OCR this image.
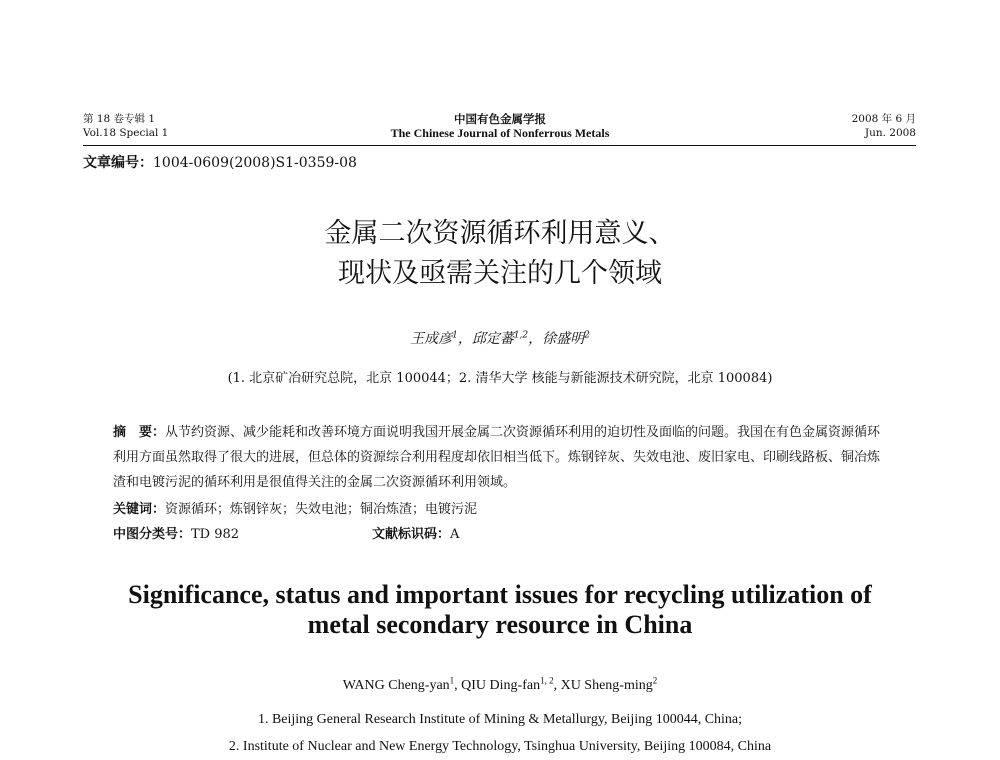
第 18 卷专辑 1
Vol.18 Special 1
中国有色金属学报
The Chinese Journal of Nonferrous Metals
2008 年 6 月
Jun. 2008
文章编号：1004-0609(2008)S1-0359-08
金属二次资源循环利用意义、
现状及亟需关注的几个领域
王成彦$^1$，邱定蕃$^{1,2}$，徐盛明$^2$
(1. 北京矿冶研究总院，北京 100044；2. 清华大学 核能与新能源技术研究院，北京 100084)
摘　要：从节约资源、减少能耗和改善环境方面说明我国开展金属二次资源循环利用的迫切性及面临的问题。我国在有色金属资源循环利用方面虽然取得了很大的进展，但总体的资源综合利用程度却依旧相当低下。炼钢锌灰、失效电池、废旧家电、印刷线路板、铜冶炼渣和电镀污泥的循环利用是很值得关注的金属二次资源循环利用领域。
关键词：资源循环；炼钢锌灰；失效电池；铜冶炼渣；电镀污泥
中图分类号：TD 982	文献标识码：A
Significance, status and important issues for recycling utilization of
metal secondary resource in China
WANG Cheng-yan$^1$, QIU Ding-fan$^{1, 2}$, XU Sheng-ming$^2$
1. Beijing General Research Institute of Mining & Metallurgy, Beijing 100044, China;
2. Institute of Nuclear and New Energy Technology, Tsinghua University, Beijing 100084, China
